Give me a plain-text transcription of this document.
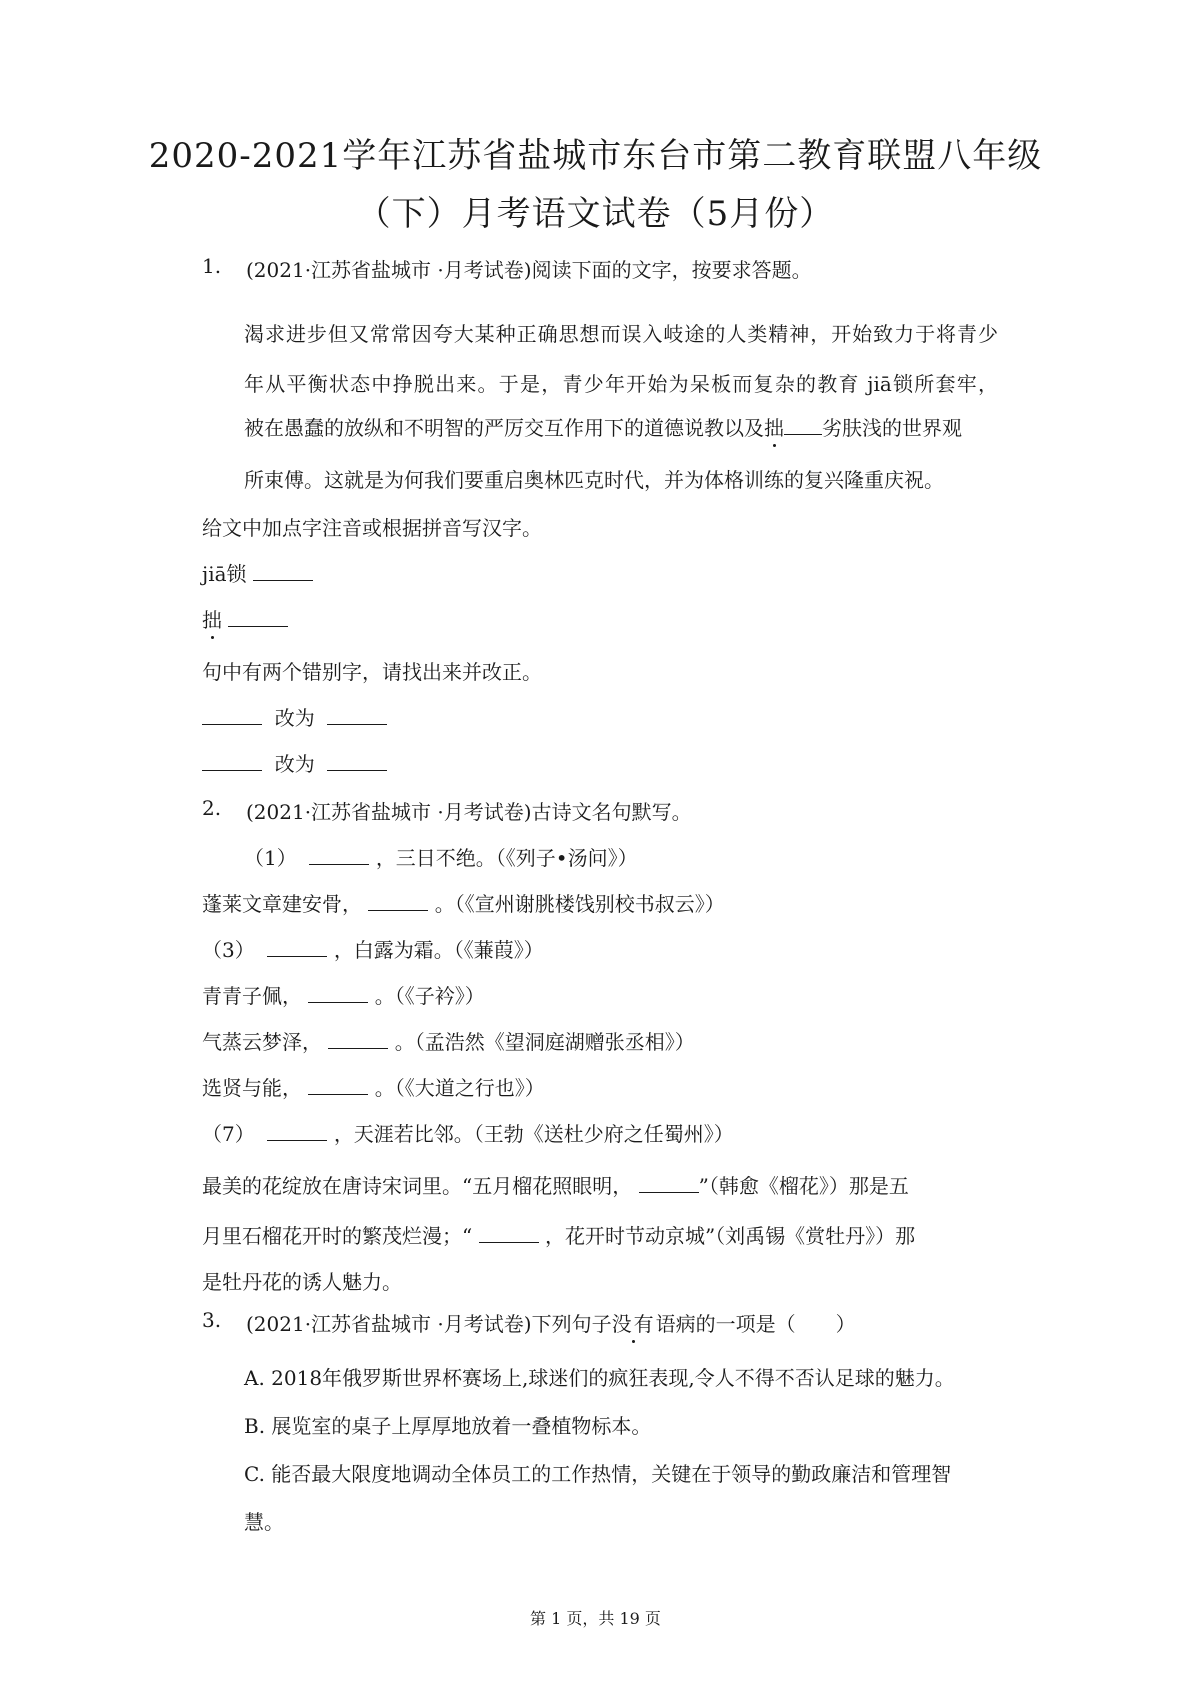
2020-2021学年江苏省盐城市东台市第二教育联盟八年级
（下）月考语文试卷（5月份）
1. (2021·江苏省盐城市 ·月考试卷)阅读下面的文字，按要求答题。
渴求进步但又常常因夸大某种正确思想而误入岐途的人类精神，开始致力于将青少
年从平衡状态中挣脱出来。于是，青少年开始为呆板而复杂的教育 jiā锁所套牢，
被在愚蠢的放纵和不明智的严厉交互作用下的道德说教以及拙 劣肤浅的世界观
所束傅。这就是为何我们要重启奥林匹克时代，并为体格训练的复兴隆重庆祝。
给文中加点字注音或根据拼音写汉字。
jiā锁
拙
句中有两个错别字，请找出来并改正。
改为
改为
2. (2021·江苏省盐城市 ·月考试卷)古诗文名句默写。
（1）	，三日不绝。（《列子•汤问》）
蓬莱文章建安骨，	。（《宣州谢朓楼饯别校书叔云》）
（3）	，白露为霜。（《蒹葭》）
青青子佩，	。（《子衿》）
气蒸云梦泽，	。（孟浩然《望洞庭湖赠张丞相》）
选贤与能，	。（《大道之行也》）
（7）	，天涯若比邻。（王勃《送杜少府之任蜀州》）
最美的花绽放在唐诗宋词里。“五月榴花照眼明，	”（韩愈《榴花》）那是五
月里石榴花开时的繁茂烂漫；“	，花开时节动京城”（刘禹锡《赏牡丹》）那
是牡丹花的诱人魅力。
3. (2021·江苏省盐城市 ·月考试卷)下列句子没有语病的一项是（　　）
A. 2018年俄罗斯世界杯赛场上,球迷们的疯狂表现,令人不得不否认足球的魅力。
B. 展览室的桌子上厚厚地放着一叠植物标本。
C. 能否最大限度地调动全体员工的工作热情，关键在于领导的勤政廉洁和管理智
慧。
第 1 页，共 19 页
